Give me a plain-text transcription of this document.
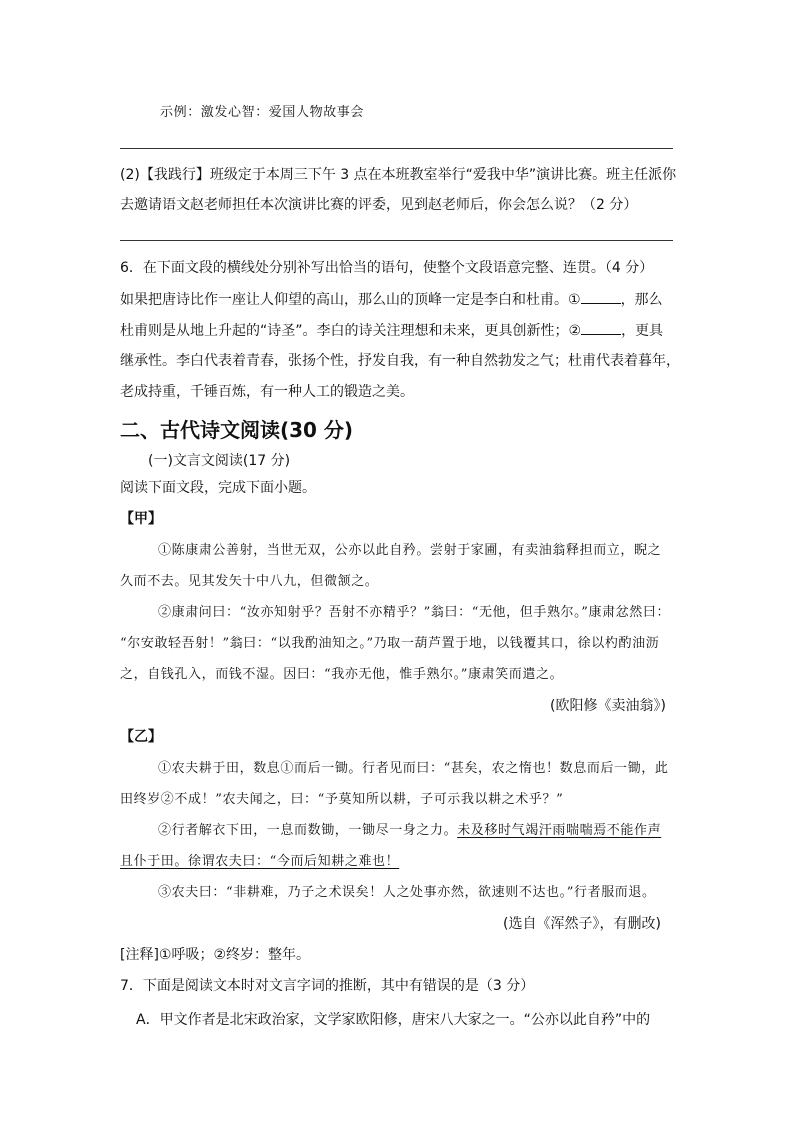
示例：激发心智：爱国人物故事会
(2)【我践行】班级定于本周三下午 3 点在本班教室举行“爱我中华”演讲比赛。班主任派你
去邀请语文赵老师担任本次演讲比赛的评委，见到赵老师后，你会怎么说？（2 分）
6．在下面文段的横线处分别补写出恰当的语句，使整个文段语意完整、连贯。（4 分）
如果把唐诗比作一座让人仰望的高山，那么山的顶峰一定是李白和杜甫。①	，那么
杜甫则是从地上升起的“诗圣”。李白的诗关注理想和未来，更具创新性；②	，更具
继承性。李白代表着青春，张扬个性，抒发自我，有一种自然勃发之气；杜甫代表着暮年，
老成持重，千锤百炼，有一种人工的锻造之美。
二、古代诗文阅读(30 分)
(一)文言文阅读(17 分)
阅读下面文段，完成下面小题。
【甲】
①陈康肃公善射，当世无双，公亦以此自矜。尝射于家圃，有卖油翁释担而立，睨之
久而不去。见其发矢十中八九，但微颔之。
②康肃问曰：“汝亦知射乎？吾射不亦精乎？”翁曰：“无他，但手熟尔。”康肃忿然曰：
“尔安敢轻吾射！”翁曰：“以我酌油知之。”乃取一葫芦置于地，以钱覆其口，徐以杓酌油沥
之，自钱孔入，而钱不湿。因曰：“我亦无他，惟手熟尔。”康肃笑而遣之。
(欧阳修《卖油翁》)
【乙】
①农夫耕于田，数息①而后一锄。行者见而曰：“甚矣，农之惰也！数息而后一锄，此
田终岁②不成！”农夫闻之，曰：“予莫知所以耕，子可示我以耕之术乎？”
②行者解衣下田，一息而数锄，一锄尽一身之力。未及移时气竭汗雨喘喘焉不能作声
且仆于田。徐谓农夫曰：“今而后知耕之难也！
③农夫曰：“非耕难，乃子之术误矣！人之处事亦然，欲速则不达也。”行者服而退。
(选自《浑然子》，有删改)
[注释]①呼吸；②终岁：整年。
7．下面是阅读文本时对文言字词的推断，其中有错误的是（3 分）
A．甲文作者是北宋政治家，文学家欧阳修，唐宋八大家之一。“公亦以此自矜”中的
